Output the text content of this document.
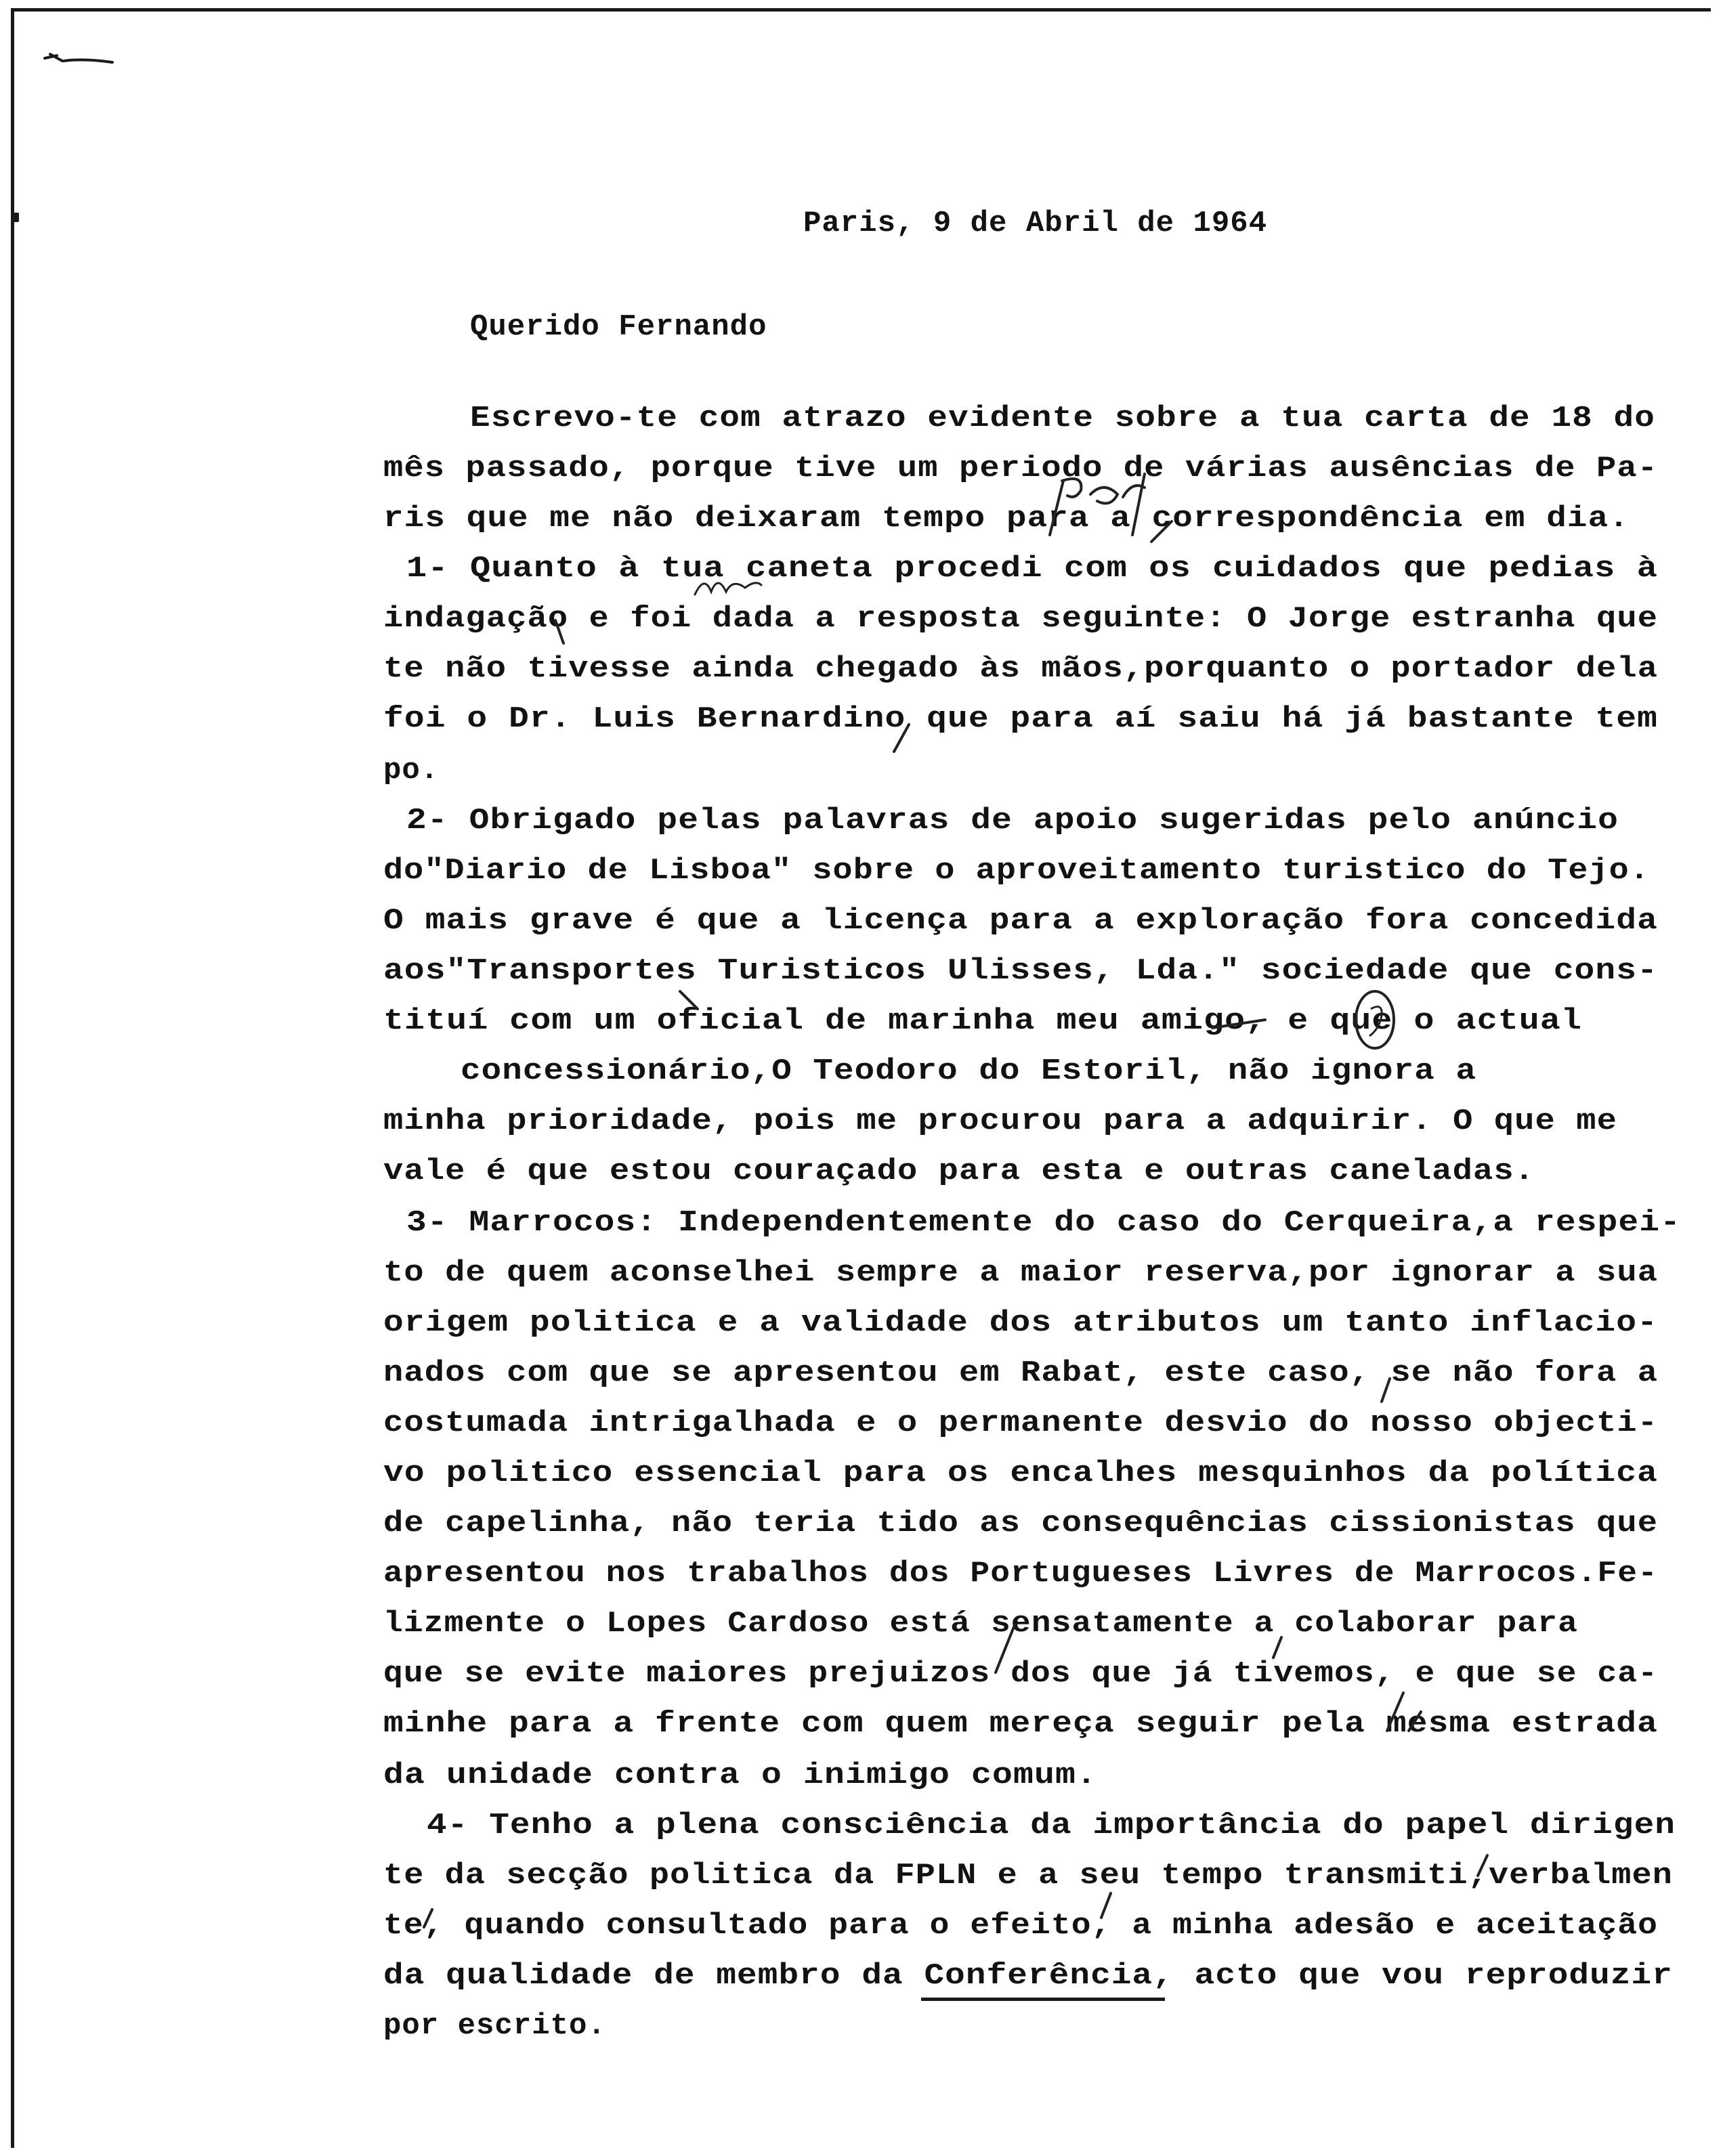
Paris, 9 de Abril de 1964
Querido Fernando
Escrevo-te com atrazo evidente sobre a tua carta de 18 do
mês passado, porque tive um periodo de várias ausências de Pa-
ris que me não deixaram tempo para a correspondência em dia.
1- Quanto à tua caneta procedi com os cuidados que pedias à
indagação e foi dada a resposta seguinte: O Jorge estranha que
te não tivesse ainda chegado às mãos,porquanto o portador dela
foi o Dr. Luis Bernardino que para aí saiu há já bastante tem
po.
2- Obrigado pelas palavras de apoio sugeridas pelo anúncio
do"Diario de Lisboa" sobre o aproveitamento turistico do Tejo.
O mais grave é que a licença para a exploração fora concedida
aos"Transportes Turisticos Ulisses, Lda." sociedade que cons-
tituí com um oficial de marinha meu amigo, e que o actual
concessionário,O Teodoro do Estoril, não ignora a
minha prioridade, pois me procurou para a adquirir. O que me
vale é que estou couraçado para esta e outras caneladas.
3- Marrocos: Independentemente do caso do Cerqueira,a respei-
to de quem aconselhei sempre a maior reserva,por ignorar a sua
origem politica e a validade dos atributos um tanto inflacio-
nados com que se apresentou em Rabat, este caso, se não fora a
costumada intrigalhada e o permanente desvio do nosso objecti-
vo politico essencial para os encalhes mesquinhos da política
de capelinha, não teria tido as consequências cissionistas que
apresentou nos trabalhos dos Portugueses Livres de Marrocos.Fe-
lizmente o Lopes Cardoso está sensatamente a colaborar para
que se evite maiores prejuizos dos que já tivemos, e que se ca-
minhe para a frente com quem mereça seguir pela mesma estrada
da unidade contra o inimigo comum.
4- Tenho a plena consciência da importância do papel dirigen
te da secção politica da FPLN e a seu tempo transmiti,verbalmen
te, quando consultado para o efeito, a minha adesão e aceitação
da qualidade de membro da Conferência, acto que vou reproduzir
por escrito.
